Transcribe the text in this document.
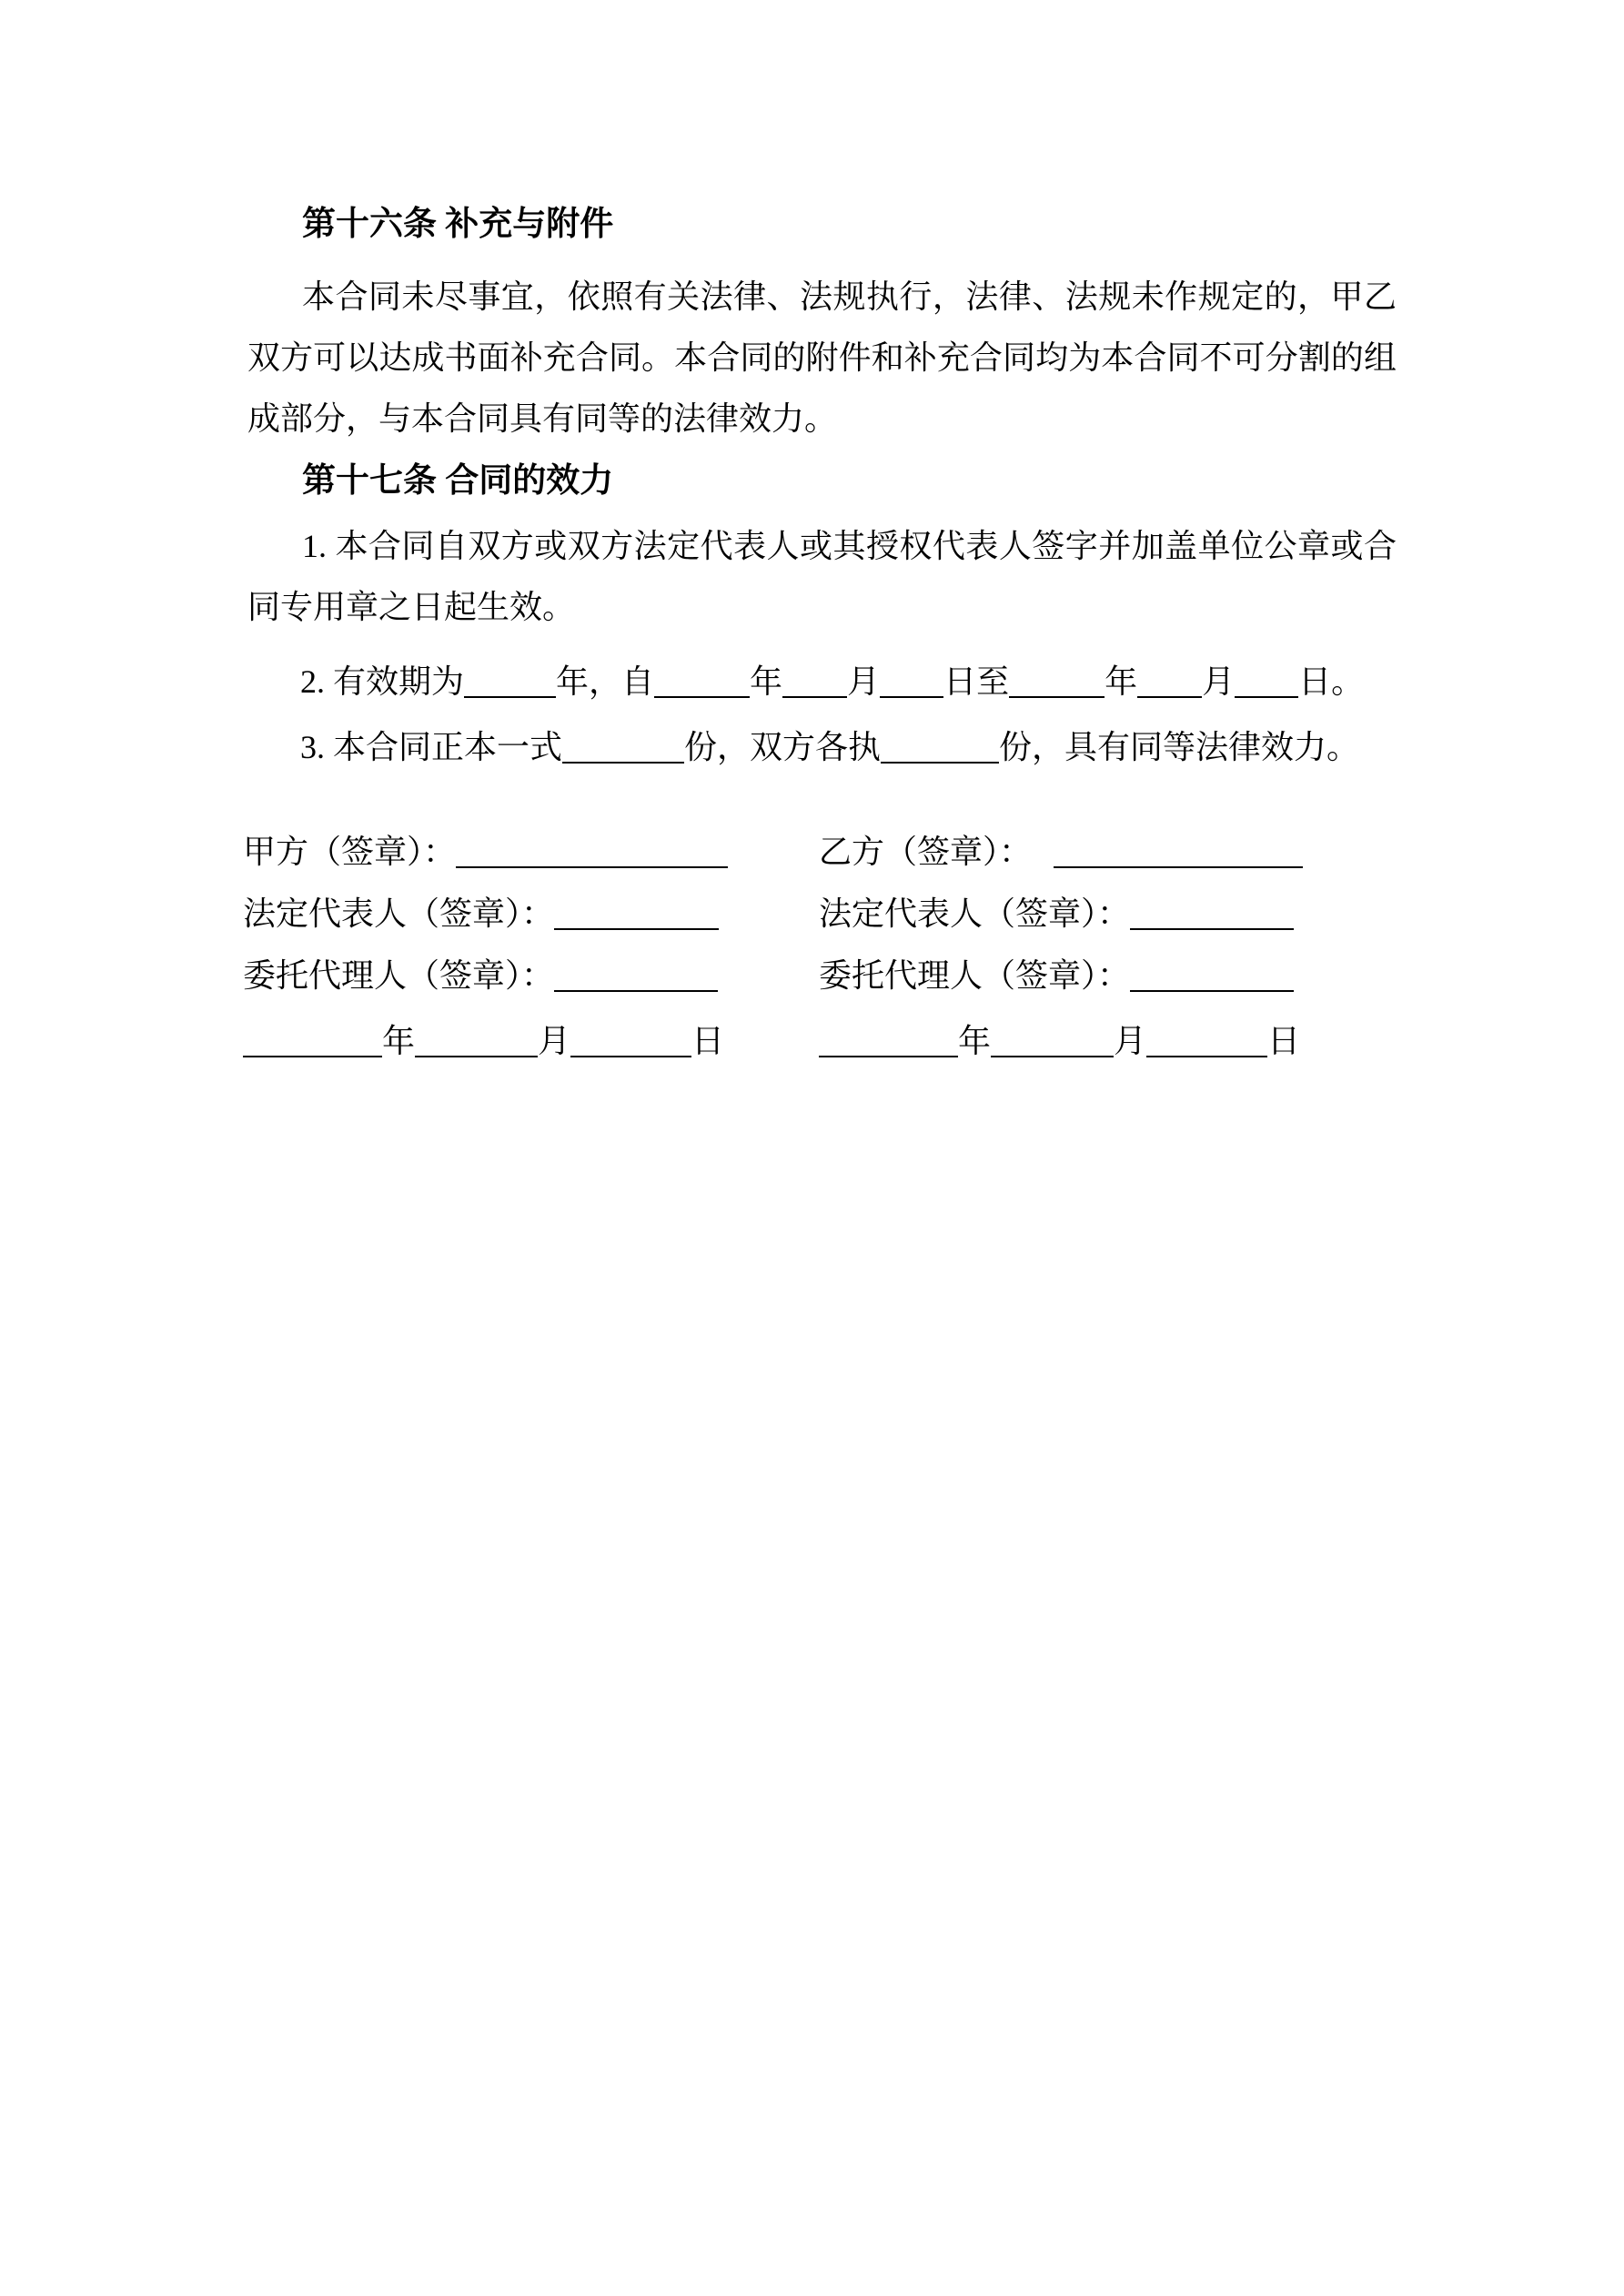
第十六条 补充与附件
本合同未尽事宜，依照有关法律、法规执行，法律、法规未作规定的，甲乙双方可以达成书面补充合同。本合同的附件和补充合同均为本合同不可分割的组成部分，与本合同具有同等的法律效力。
第十七条 合同的效力
1. 本合同自双方或双方法定代表人或其授权代表人签字并加盖单位公章或合同专用章之日起生效。
2. 有效期为	年，自	年 月 日至	年 月 日。
3. 本合同正本一式	份，双方各执	份，具有同等法律效力。
甲方（签章）：
法定代表人（签章）：
委托代理人（签章）：
年	月	日
乙方（签章）：
法定代表人（签章）：
委托代理人（签章）：
年	月	日
